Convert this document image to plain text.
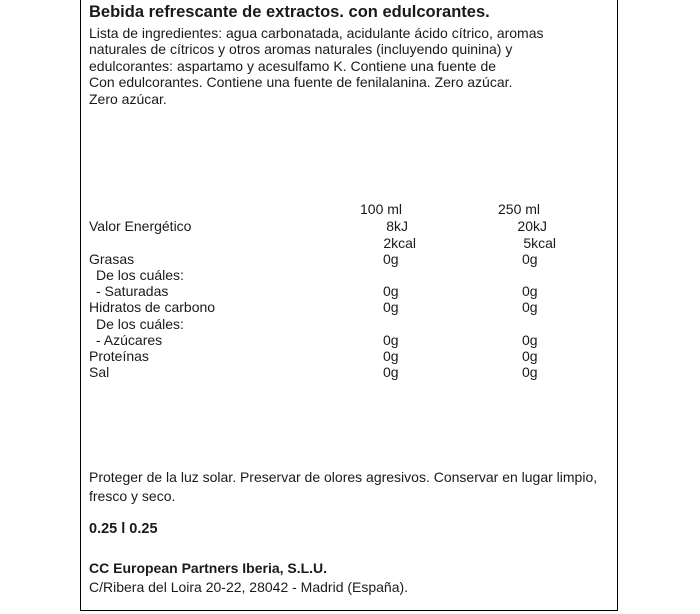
Bebida refrescante de extractos. con edulcorantes.
Lista de ingredientes: agua carbonatada, acidulante ácido cítrico, aromas
naturales de cítricos y otros aromas naturales (incluyendo quinina) y
edulcorantes: aspartamo y acesulfamo K. Contiene una fuente de
Con edulcorantes. Contiene una fuente de fenilalanina. Zero azúcar.
Zero azúcar.
100 ml	250 ml
Valor Energético	8kJ	20kJ
2kcal	5kcal
Grasas	0g	0g
De los cuáles:
- Saturadas	0g	0g
Hidratos de carbono	0g	0g
De los cuáles:
- Azúcares	0g	0g
Proteínas	0g	0g
Sal	0g	0g
Proteger de la luz solar. Preservar de olores agresivos. Conservar en lugar limpio,
fresco y seco.
0.25 l 0.25
CC European Partners Iberia, S.L.U.
C/Ribera del Loira 20-22, 28042 - Madrid (España).
